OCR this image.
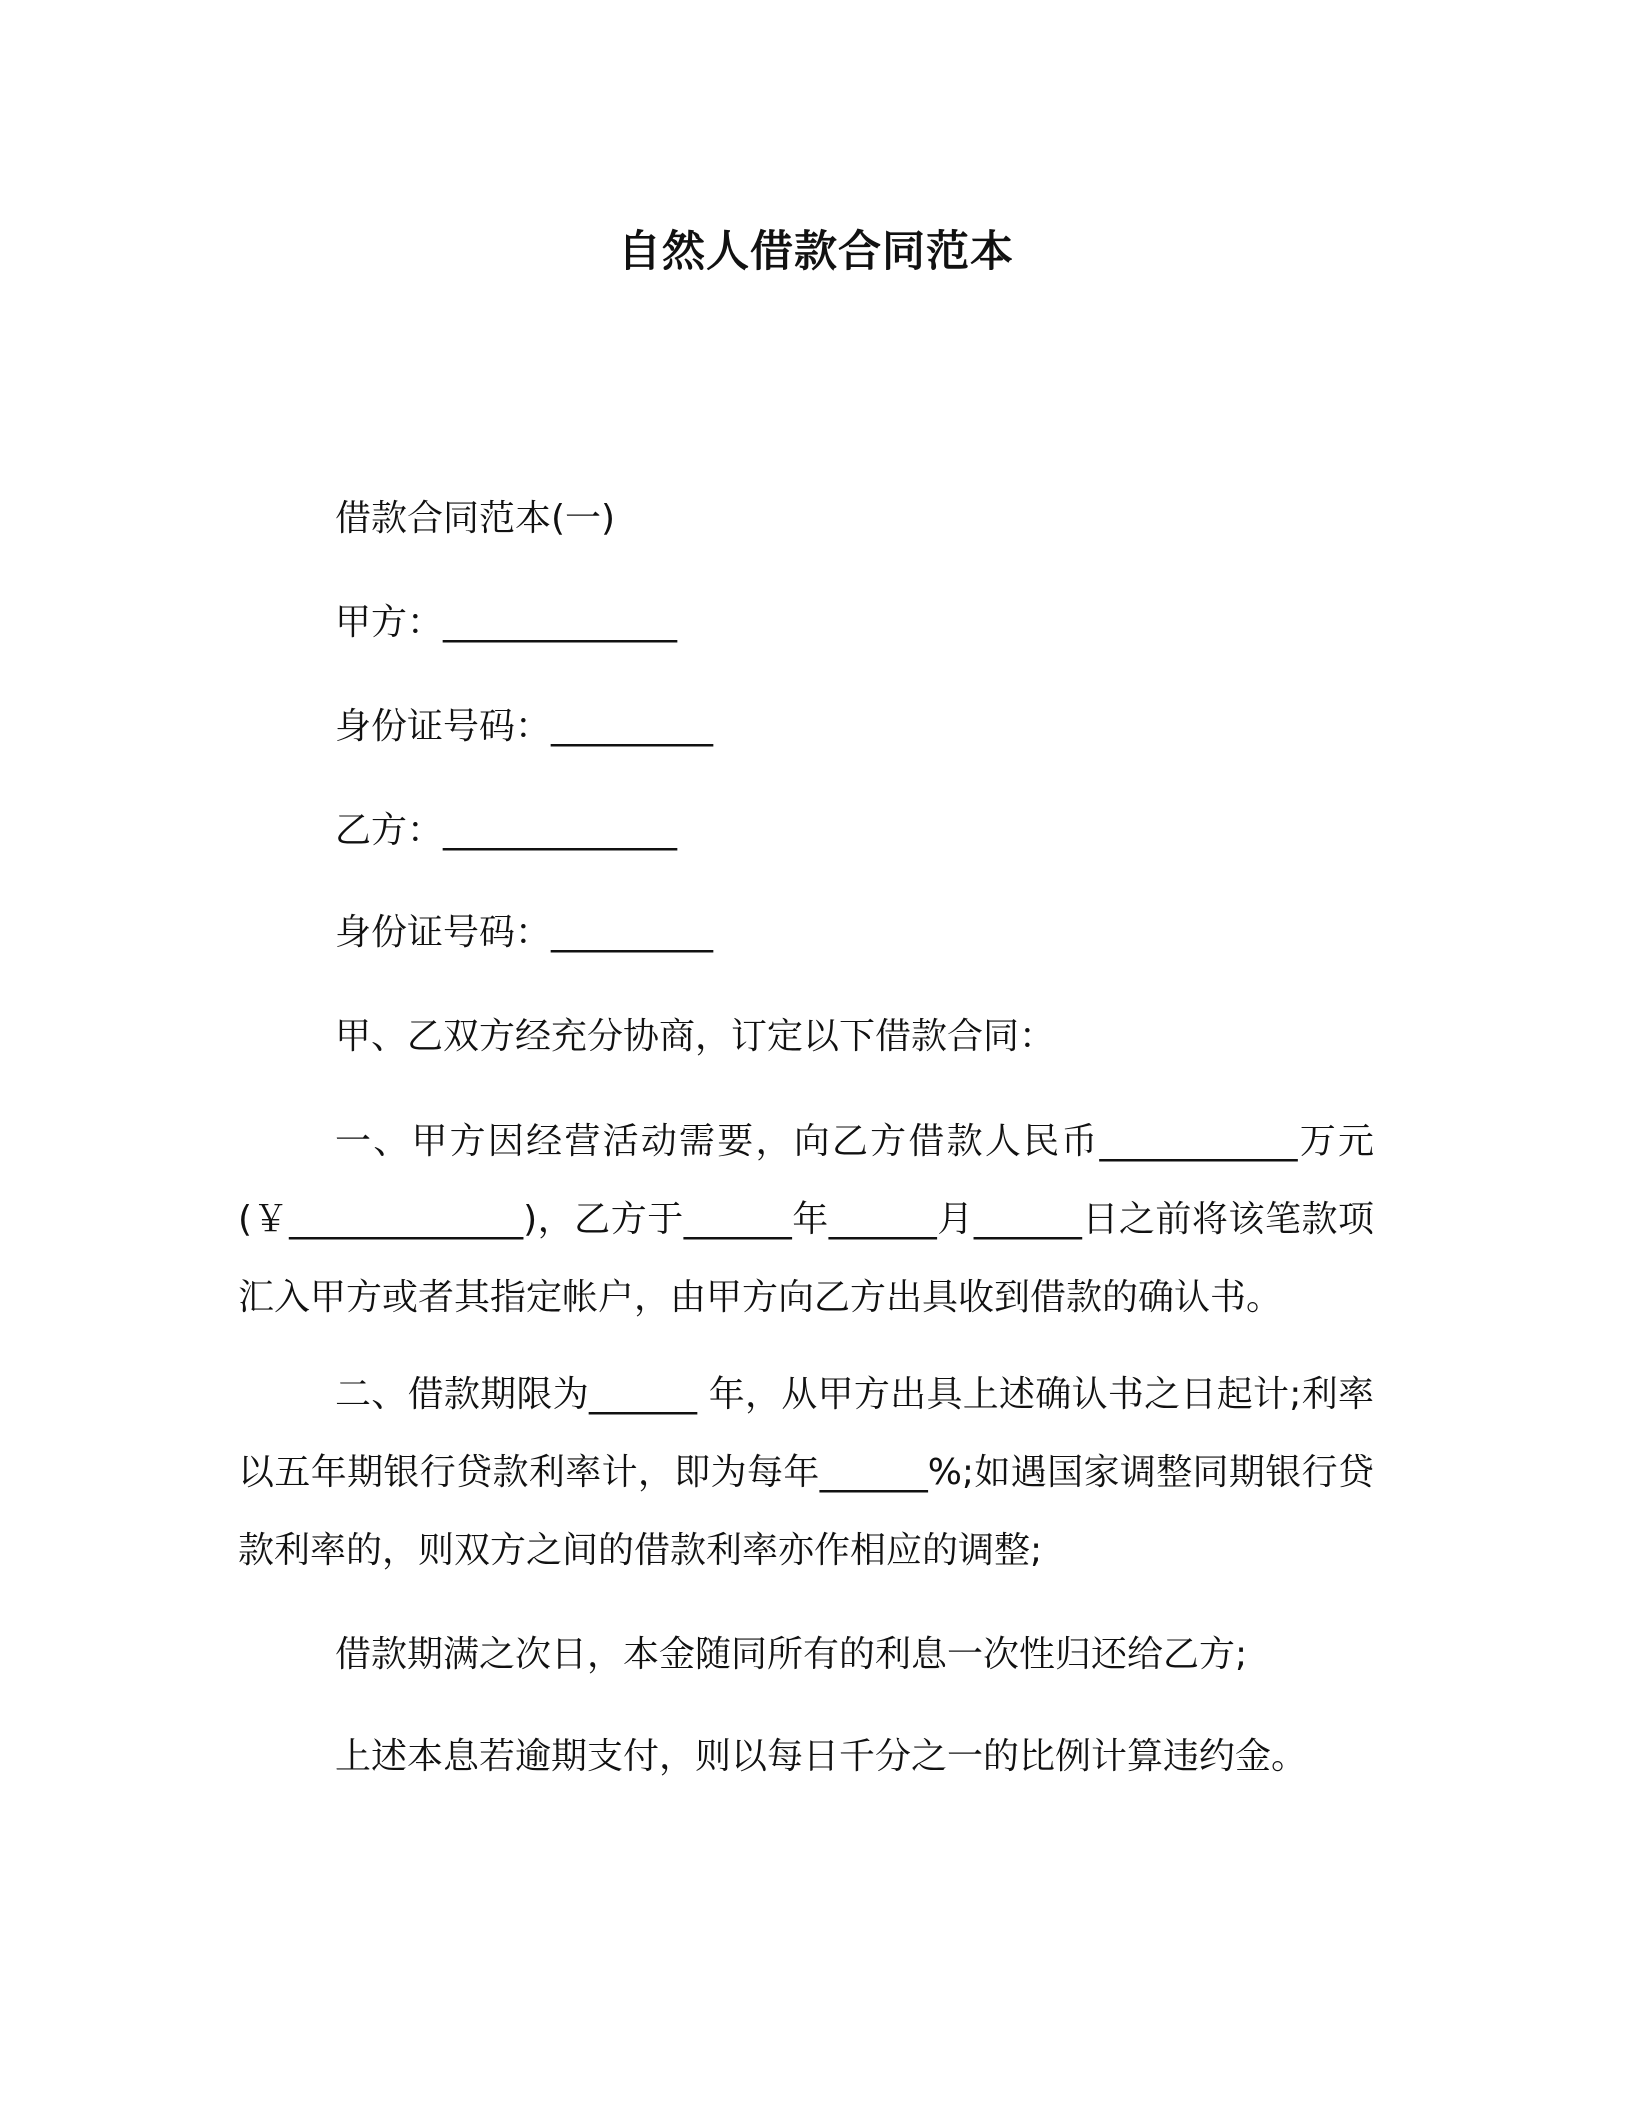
自然人借款合同范本
借款合同范本(一)
甲方：_____________
身份证号码：_________
乙方：_____________
身份证号码：_________
甲、乙双方经充分协商，订定以下借款合同：
一、甲方因经营活动需要，向乙方借款人民币___________万元(￥_____________)，乙方于______年______月______日之前将该笔款项汇入甲方或者其指定帐户，由甲方向乙方出具收到借款的确认书。
二、借款期限为______ 年，从甲方出具上述确认书之日起计;利率以五年期银行贷款利率计，即为每年______%;如遇国家调整同期银行贷款利率的，则双方之间的借款利率亦作相应的调整;
借款期满之次日，本金随同所有的利息一次性归还给乙方;
上述本息若逾期支付，则以每日千分之一的比例计算违约金。
